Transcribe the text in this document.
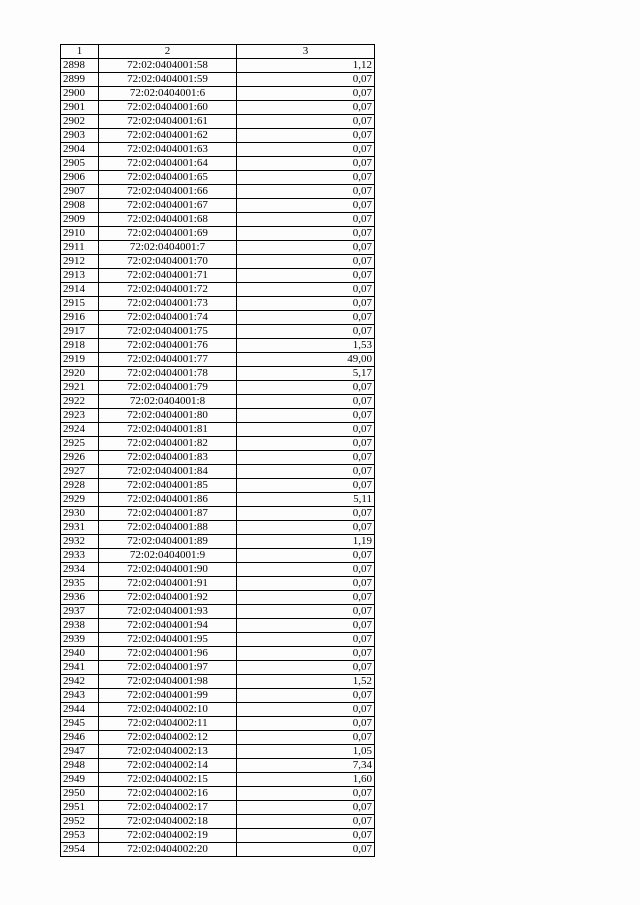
1	2	3
2898	72:02:0404001:58	1,12
2899	72:02:0404001:59	0,07
2900	72:02:0404001:6	0,07
2901	72:02:0404001:60	0,07
2902	72:02:0404001:61	0,07
2903	72:02:0404001:62	0,07
2904	72:02:0404001:63	0,07
2905	72:02:0404001:64	0,07
2906	72:02:0404001:65	0,07
2907	72:02:0404001:66	0,07
2908	72:02:0404001:67	0,07
2909	72:02:0404001:68	0,07
2910	72:02:0404001:69	0,07
2911	72:02:0404001:7	0,07
2912	72:02:0404001:70	0,07
2913	72:02:0404001:71	0,07
2914	72:02:0404001:72	0,07
2915	72:02:0404001:73	0,07
2916	72:02:0404001:74	0,07
2917	72:02:0404001:75	0,07
2918	72:02:0404001:76	1,53
2919	72:02:0404001:77	49,00
2920	72:02:0404001:78	5,17
2921	72:02:0404001:79	0,07
2922	72:02:0404001:8	0,07
2923	72:02:0404001:80	0,07
2924	72:02:0404001:81	0,07
2925	72:02:0404001:82	0,07
2926	72:02:0404001:83	0,07
2927	72:02:0404001:84	0,07
2928	72:02:0404001:85	0,07
2929	72:02:0404001:86	5,11
2930	72:02:0404001:87	0,07
2931	72:02:0404001:88	0,07
2932	72:02:0404001:89	1,19
2933	72:02:0404001:9	0,07
2934	72:02:0404001:90	0,07
2935	72:02:0404001:91	0,07
2936	72:02:0404001:92	0,07
2937	72:02:0404001:93	0,07
2938	72:02:0404001:94	0,07
2939	72:02:0404001:95	0,07
2940	72:02:0404001:96	0,07
2941	72:02:0404001:97	0,07
2942	72:02:0404001:98	1,52
2943	72:02:0404001:99	0,07
2944	72:02:0404002:10	0,07
2945	72:02:0404002:11	0,07
2946	72:02:0404002:12	0,07
2947	72:02:0404002:13	1,05
2948	72:02:0404002:14	7,34
2949	72:02:0404002:15	1,60
2950	72:02:0404002:16	0,07
2951	72:02:0404002:17	0,07
2952	72:02:0404002:18	0,07
2953	72:02:0404002:19	0,07
2954	72:02:0404002:20	0,07
